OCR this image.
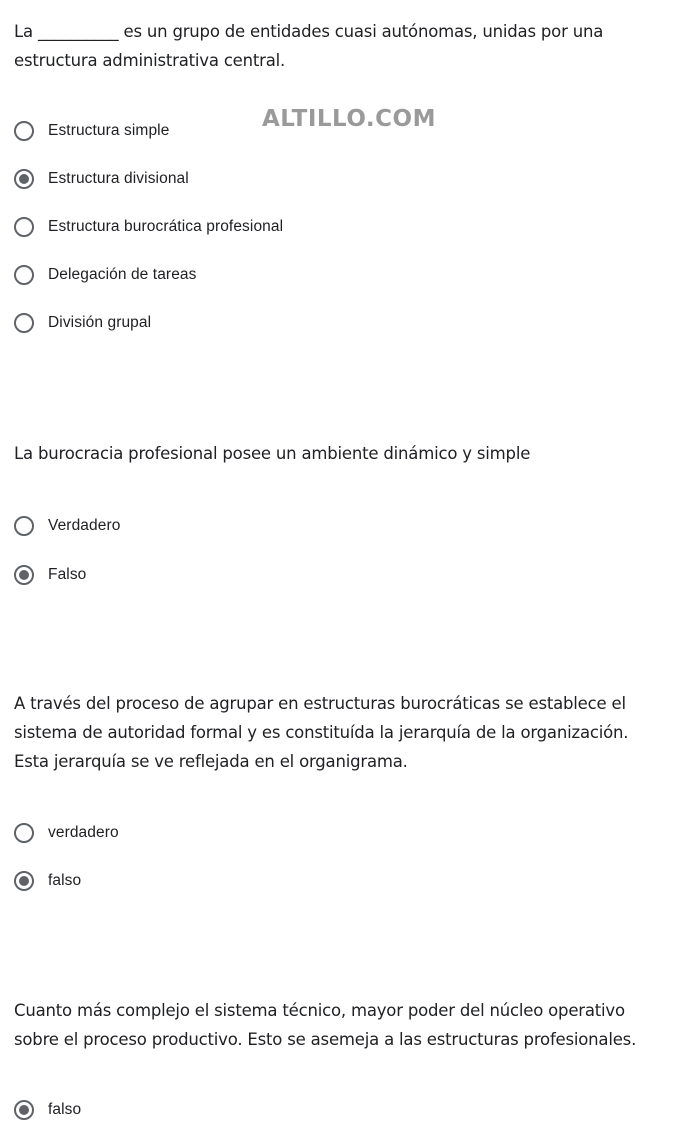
ALTILLO.COM
La __________ es un grupo de entidades cuasi autónomas, unidas por una
estructura administrativa central.
Estructura simple
Estructura divisional
Estructura burocrática profesional
Delegación de tareas
División grupal
La burocracia profesional posee un ambiente dinámico y simple
Verdadero
Falso
A través del proceso de agrupar en estructuras burocráticas se establece el
sistema de autoridad formal y es constituída la jerarquía de la organización.
Esta jerarquía se ve reflejada en el organigrama.
verdadero
falso
Cuanto más complejo el sistema técnico, mayor poder del núcleo operativo
sobre el proceso productivo. Esto se asemeja a las estructuras profesionales.
falso
